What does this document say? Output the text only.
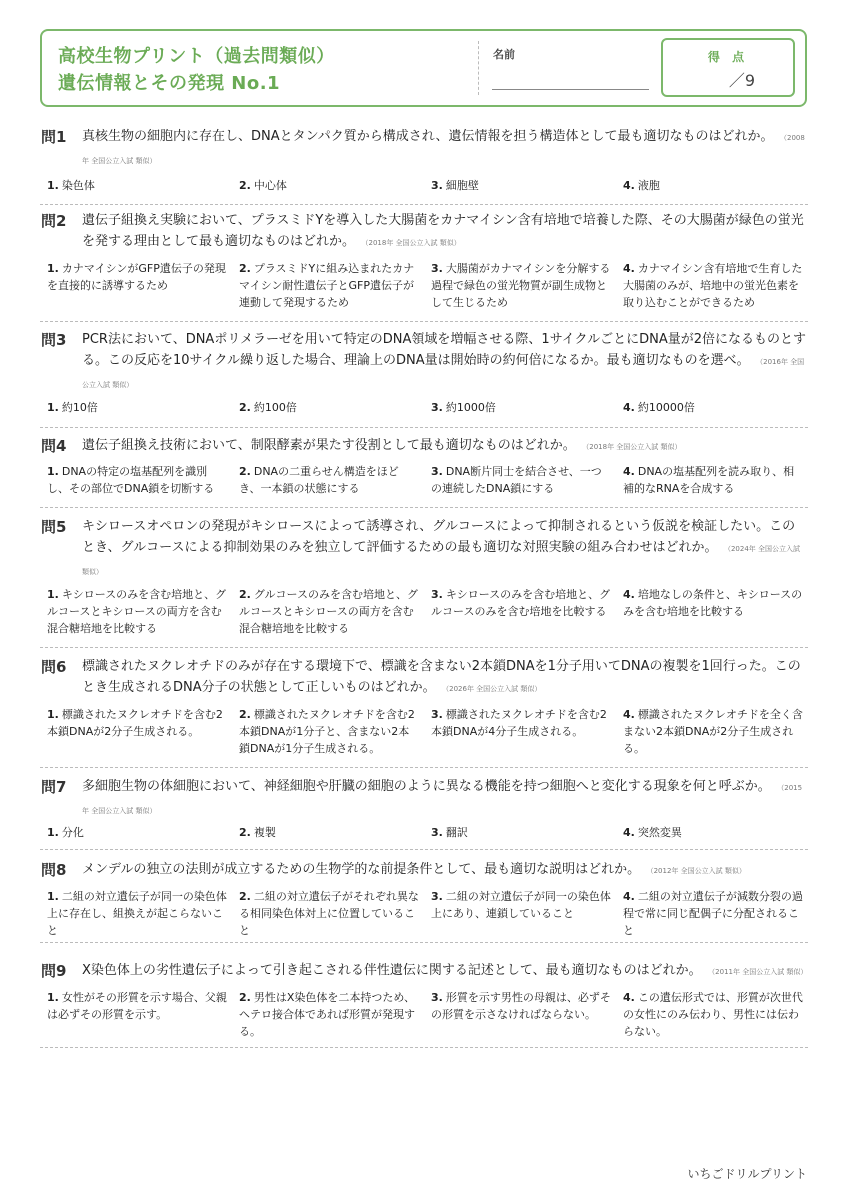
高校生物プリント（過去問類似）
遺伝情報とその発現 No.1
名前	得 点
／9
問1 真核生物の細胞内に存在し、DNAとタンパク質から構成され、遺伝情報を担う構造体として最も適切なものはどれか。 （2008年 全国公立入試 類似）
1. 染色体	2. 中心体	3. 細胞壁	4. 液胞
問2 遺伝子組換え実験において、プラスミドYを導入した大腸菌をカナマイシン含有培地で培養した際、その大腸菌が緑色の蛍光を発する理由として最も適切なものはどれか。 （2018年 全国公立入試 類似）
1. カナマイシンがGFP遺伝子の発現を直接的に誘導するため
2. プラスミドYに組み込まれたカナマイシン耐性遺伝子とGFP遺伝子が連動して発現するため
3. 大腸菌がカナマイシンを分解する過程で緑色の蛍光物質が副生成物として生じるため
4. カナマイシン含有培地で生育した大腸菌のみが、培地中の蛍光色素を取り込むことができるため
問3 PCR法において、DNAポリメラーゼを用いて特定のDNA領域を増幅させる際、1サイクルごとにDNA量が2倍になるものとする。この反応を10サイクル繰り返した場合、理論上のDNA量は開始時の約何倍になるか。最も適切なものを選べ。 （2016年 全国公立入試 類似）
1. 約10倍	2. 約100倍	3. 約1000倍	4. 約10000倍
問4 遺伝子組換え技術において、制限酵素が果たす役割として最も適切なものはどれか。 （2018年 全国公立入試 類似）
1. DNAの特定の塩基配列を識別し、その部位でDNA鎖を切断する
2. DNAの二重らせん構造をほどき、一本鎖の状態にする
3. DNA断片同士を結合させ、一つの連続したDNA鎖にする
4. DNAの塩基配列を読み取り、相補的なRNAを合成する
問5 キシロースオペロンの発現がキシロースによって誘導され、グルコースによって抑制されるという仮説を検証したい。このとき、グルコースによる抑制効果のみを独立して評価するための最も適切な対照実験の組み合わせはどれか。 （2024年 全国公立入試 類似）
1. キシロースのみを含む培地と、グルコースとキシロースの両方を含む混合糖培地を比較する
2. グルコースのみを含む培地と、グルコースとキシロースの両方を含む混合糖培地を比較する
3. キシロースのみを含む培地と、グルコースのみを含む培地を比較する
4. 培地なしの条件と、キシロースのみを含む培地を比較する
問6 標識されたヌクレオチドのみが存在する環境下で、標識を含まない2本鎖DNAを1分子用いてDNAの複製を1回行った。このとき生成されるDNA分子の状態として正しいものはどれか。 （2026年 全国公立入試 類似）
1. 標識されたヌクレオチドを含む2本鎖DNAが2分子生成される。
2. 標識されたヌクレオチドを含む2本鎖DNAが1分子と、含まない2本鎖DNAが1分子生成される。
3. 標識されたヌクレオチドを含む2本鎖DNAが4分子生成される。
4. 標識されたヌクレオチドを全く含まない2本鎖DNAが2分子生成される。
問7 多細胞生物の体細胞において、神経細胞や肝臓の細胞のように異なる機能を持つ細胞へと変化する現象を何と呼ぶか。 （2015年 全国公立入試 類似）
1. 分化	2. 複製	3. 翻訳	4. 突然変異
問8 メンデルの独立の法則が成立するための生物学的な前提条件として、最も適切な説明はどれか。 （2012年 全国公立入試 類似）
1. 二組の対立遺伝子が同一の染色体上に存在し、組換えが起こらないこと
2. 二組の対立遺伝子がそれぞれ異なる相同染色体対上に位置していること
3. 二組の対立遺伝子が同一の染色体上にあり、連鎖していること
4. 二組の対立遺伝子が減数分裂の過程で常に同じ配偶子に分配されること
問9 X染色体上の劣性遺伝子によって引き起こされる伴性遺伝に関する記述として、最も適切なものはどれか。 （2011年 全国公立入試 類似）
1. 女性がその形質を示す場合、父親は必ずその形質を示す。
2. 男性はX染色体を二本持つため、ヘテロ接合体であれば形質が発現する。
3. 形質を示す男性の母親は、必ずその形質を示さなければならない。
4. この遺伝形式では、形質が次世代の女性にのみ伝わり、男性には伝わらない。
いちごドリルプリント
